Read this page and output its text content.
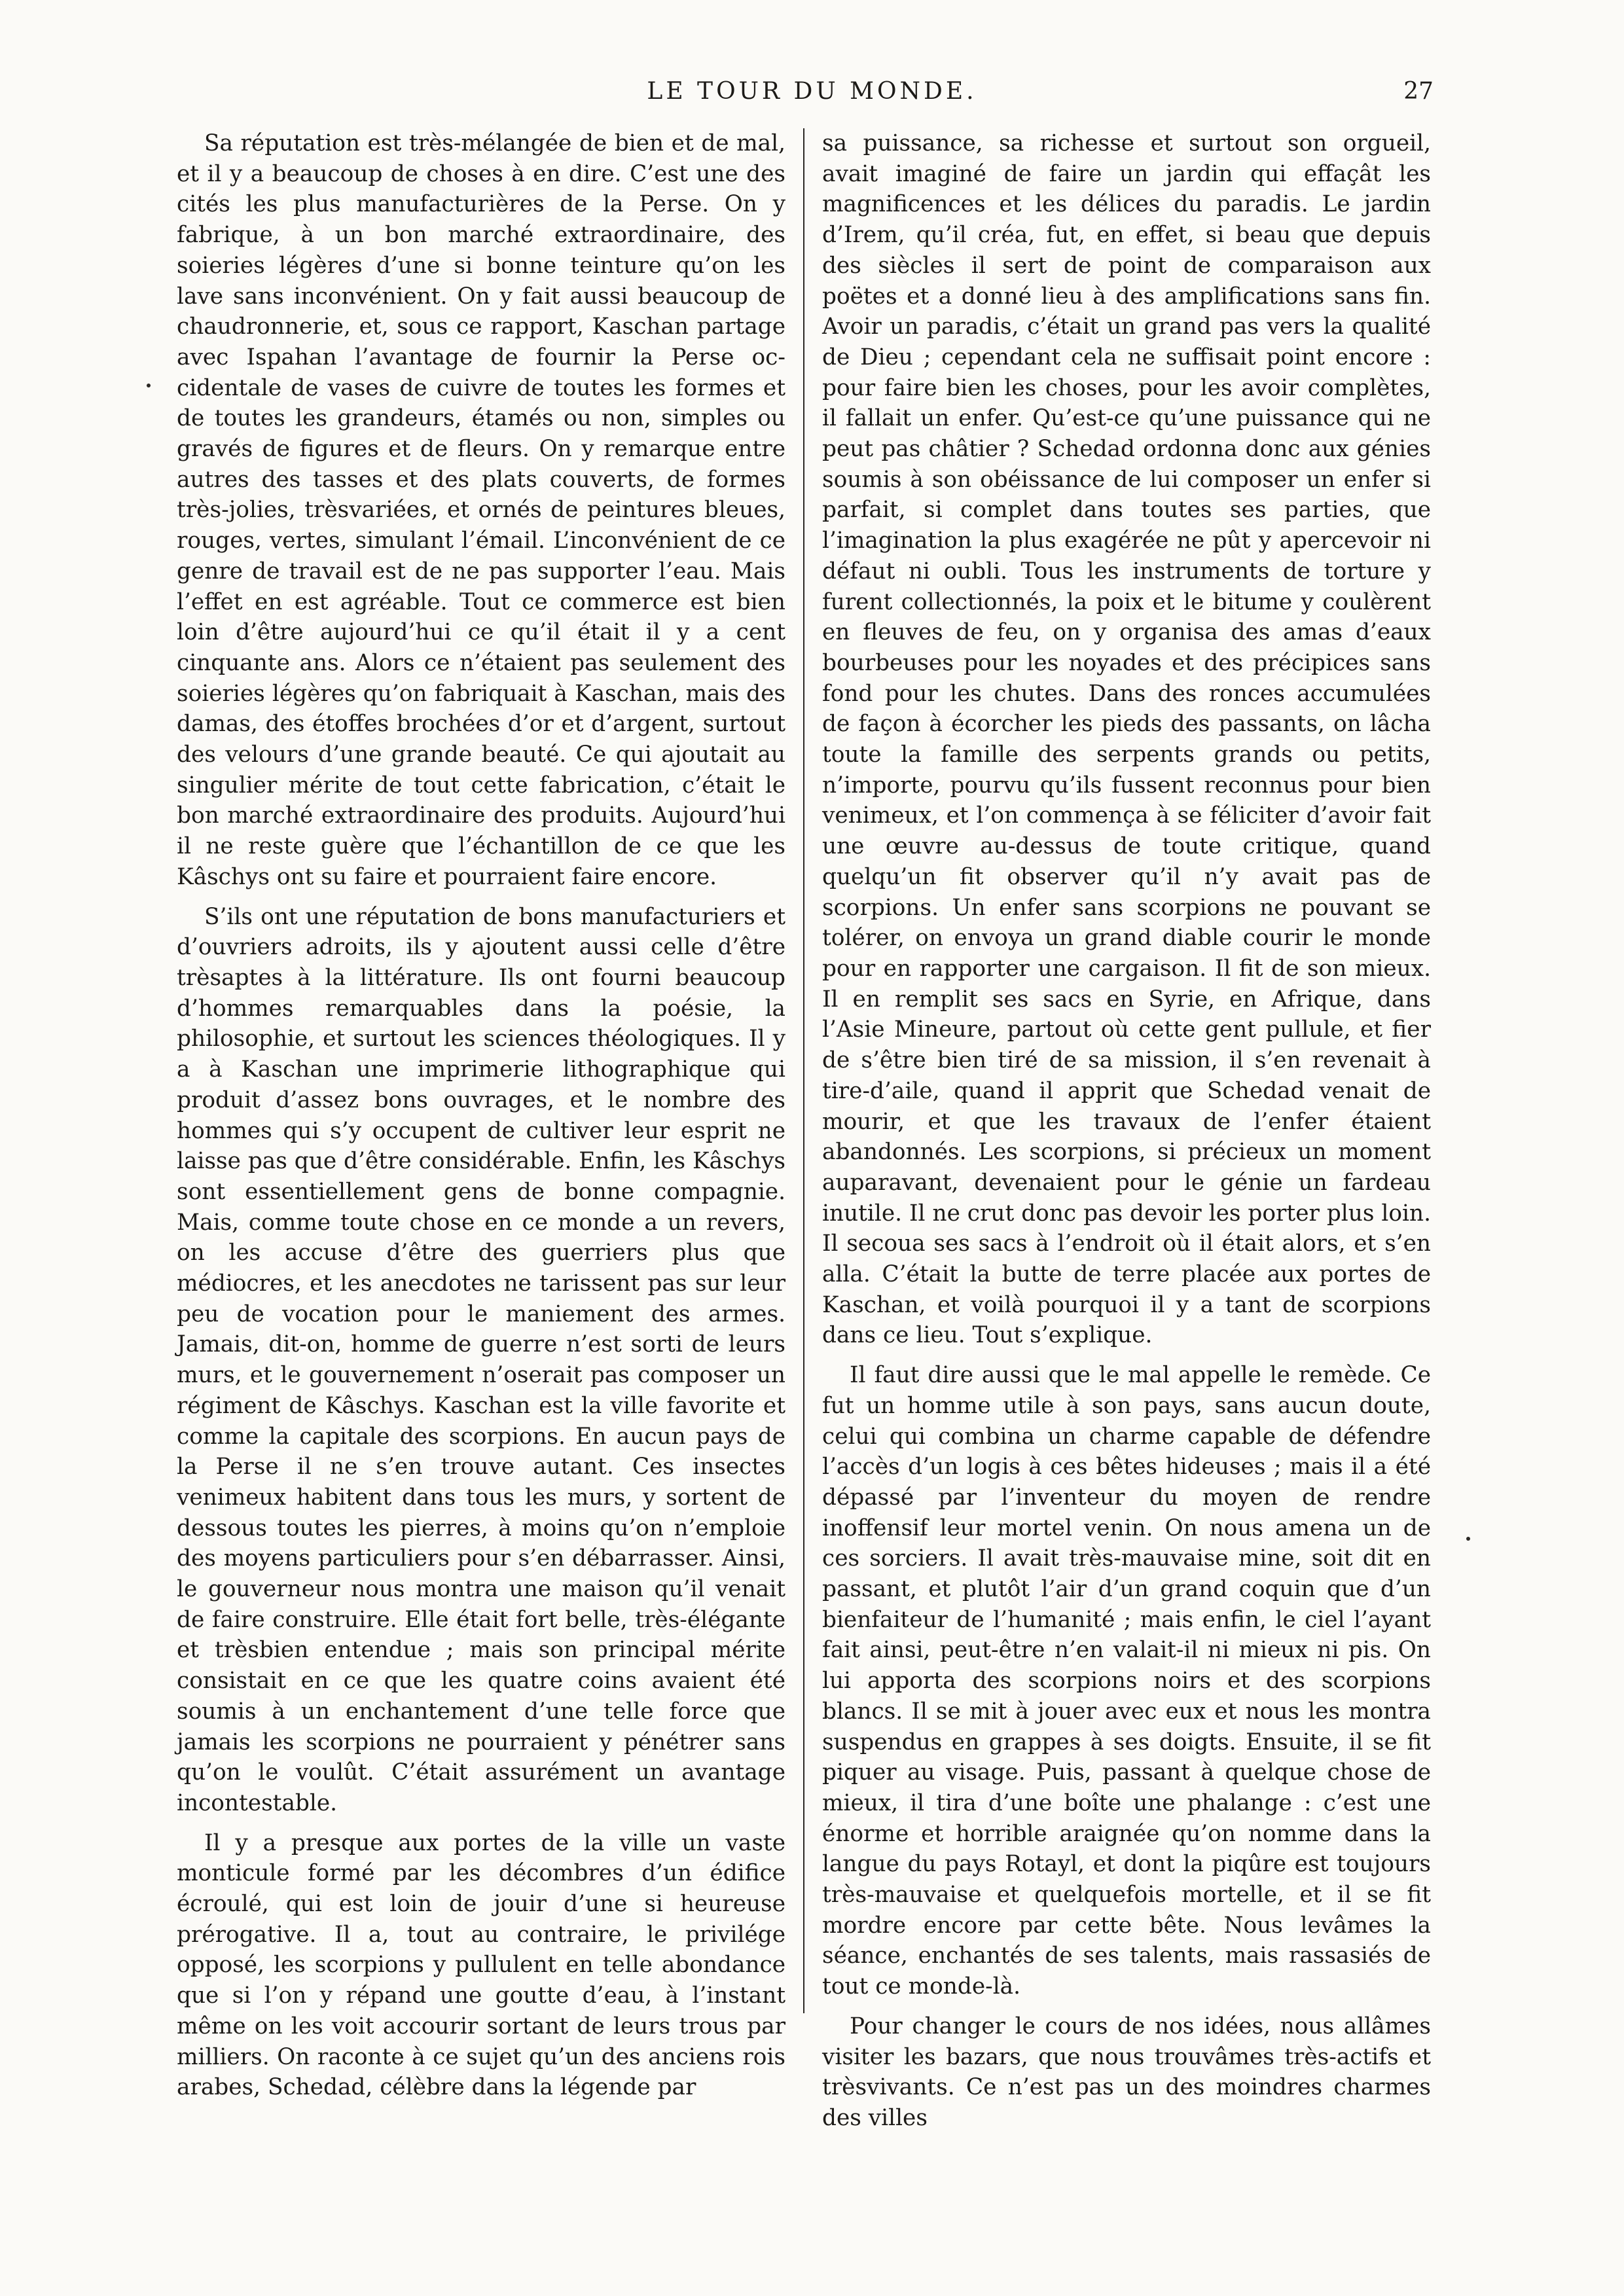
LE TOUR DU MONDE.	27

Sa réputation est très-mélangée de bien et de mal, et il y a beaucoup de choses à en dire. C’est une des cités les plus manufacturières de la Perse. On y fabrique, à un bon marché extraordinaire, des soieries légères d’une si bonne teinture qu’on les lave sans inconvénient. On y fait aussi beaucoup de chaudronnerie, et, sous ce rapport, Kaschan partage avec Ispahan l’avantage de fournir la Perse occidentale de vases de cuivre de toutes les formes et de toutes les grandeurs, étamés ou non, simples ou gravés de figures et de fleurs. On y remarque entre autres des tasses et des plats couverts, de formes très-jolies, trèsvariées, et ornés de peintures bleues, rouges, vertes, simulant l’émail. L’inconvénient de ce genre de travail est de ne pas supporter l’eau. Mais l’effet en est agréable. Tout ce commerce est bien loin d’être aujourd’hui ce qu’il était il y a cent cinquante ans. Alors ce n’étaient pas seulement des soieries légères qu’on fabriquait à Kaschan, mais des damas, des étoffes brochées d’or et d’argent, surtout des velours d’une grande beauté. Ce qui ajoutait au singulier mérite de tout cette fabrication, c’était le bon marché extraordinaire des produits. Aujourd’hui il ne reste guère que l’échantillon de ce que les Kâschys ont su faire et pourraient faire encore.

S’ils ont une réputation de bons manufacturiers et d’ouvriers adroits, ils y ajoutent aussi celle d’être trèsaptes à la littérature. Ils ont fourni beaucoup d’hommes remarquables dans la poésie, la philosophie, et surtout les sciences théologiques. Il y a à Kaschan une imprimerie lithographique qui produit d’assez bons ouvrages, et le nombre des hommes qui s’y occupent de cultiver leur esprit ne laisse pas que d’être considérable. Enfin, les Kâschys sont essentiellement gens de bonne compagnie. Mais, comme toute chose en ce monde a un revers, on les accuse d’être des guerriers plus que médiocres, et les anecdotes ne tarissent pas sur leur peu de vocation pour le maniement des armes. Jamais, dit-on, homme de guerre n’est sorti de leurs murs, et le gouvernement n’oserait pas composer un régiment de Kâschys. Kaschan est la ville favorite et comme la capitale des scorpions. En aucun pays de la Perse il ne s’en trouve autant. Ces insectes venimeux habitent dans tous les murs, y sortent de dessous toutes les pierres, à moins qu’on n’emploie des moyens particuliers pour s’en débarrasser. Ainsi, le gouverneur nous montra une maison qu’il venait de faire construire. Elle était fort belle, très-élégante et trèsbien entendue ; mais son principal mérite consistait en ce que les quatre coins avaient été soumis à un enchantement d’une telle force que jamais les scorpions ne pourraient y pénétrer sans qu’on le voulût. C’était assurément un avantage incontestable.

Il y a presque aux portes de la ville un vaste monticule formé par les décombres d’un édifice écroulé, qui est loin de jouir d’une si heureuse prérogative. Il a, tout au contraire, le privilége opposé, les scorpions y pullulent en telle abondance que si l’on y répand une goutte d’eau, à l’instant même on les voit accourir sortant de leurs trous par milliers. On raconte à ce sujet qu’un des anciens rois arabes, Schedad, célèbre dans la légende par

sa puissance, sa richesse et surtout son orgueil, avait imaginé de faire un jardin qui effaçât les magnificences et les délices du paradis. Le jardin d’Irem, qu’il créa, fut, en effet, si beau que depuis des siècles il sert de point de comparaison aux poëtes et a donné lieu à des amplifications sans fin. Avoir un paradis, c’était un grand pas vers la qualité de Dieu ; cependant cela ne suffisait point encore : pour faire bien les choses, pour les avoir complètes, il fallait un enfer. Qu’est-ce qu’une puissance qui ne peut pas châtier ? Schedad ordonna donc aux génies soumis à son obéissance de lui composer un enfer si parfait, si complet dans toutes ses parties, que l’imagination la plus exagérée ne pût y apercevoir ni défaut ni oubli. Tous les instruments de torture y furent collectionnés, la poix et le bitume y coulèrent en fleuves de feu, on y organisa des amas d’eaux bourbeuses pour les noyades et des précipices sans fond pour les chutes. Dans des ronces accumulées de façon à écorcher les pieds des passants, on lâcha toute la famille des serpents grands ou petits, n’importe, pourvu qu’ils fussent reconnus pour bien venimeux, et l’on commença à se féliciter d’avoir fait une œuvre au-dessus de toute critique, quand quelqu’un fit observer qu’il n’y avait pas de scorpions. Un enfer sans scorpions ne pouvant se tolérer, on envoya un grand diable courir le monde pour en rapporter une cargaison. Il fit de son mieux. Il en remplit ses sacs en Syrie, en Afrique, dans l’Asie Mineure, partout où cette gent pullule, et fier de s’être bien tiré de sa mission, il s’en revenait à tire-d’aile, quand il apprit que Schedad venait de mourir, et que les travaux de l’enfer étaient abandonnés. Les scorpions, si précieux un moment auparavant, devenaient pour le génie un fardeau inutile. Il ne crut donc pas devoir les porter plus loin. Il secoua ses sacs à l’endroit où il était alors, et s’en alla. C’était la butte de terre placée aux portes de Kaschan, et voilà pourquoi il y a tant de scorpions dans ce lieu. Tout s’explique.

Il faut dire aussi que le mal appelle le remède. Ce fut un homme utile à son pays, sans aucun doute, celui qui combina un charme capable de défendre l’accès d’un logis à ces bêtes hideuses ; mais il a été dépassé par l’inventeur du moyen de rendre inoffensif leur mortel venin. On nous amena un de ces sorciers. Il avait très-mauvaise mine, soit dit en passant, et plutôt l’air d’un grand coquin que d’un bienfaiteur de l’humanité ; mais enfin, le ciel l’ayant fait ainsi, peut-être n’en valait-il ni mieux ni pis. On lui apporta des scorpions noirs et des scorpions blancs. Il se mit à jouer avec eux et nous les montra suspendus en grappes à ses doigts. Ensuite, il se fit piquer au visage. Puis, passant à quelque chose de mieux, il tira d’une boîte une phalange : c’est une énorme et horrible araignée qu’on nomme dans la langue du pays Rotayl, et dont la piqûre est toujours très-mauvaise et quelquefois mortelle, et il se fit mordre encore par cette bête. Nous levâmes la séance, enchantés de ses talents, mais rassasiés de tout ce monde-là.

Pour changer le cours de nos idées, nous allâmes visiter les bazars, que nous trouvâmes très-actifs et trèsvivants. Ce n’est pas un des moindres charmes des villes
